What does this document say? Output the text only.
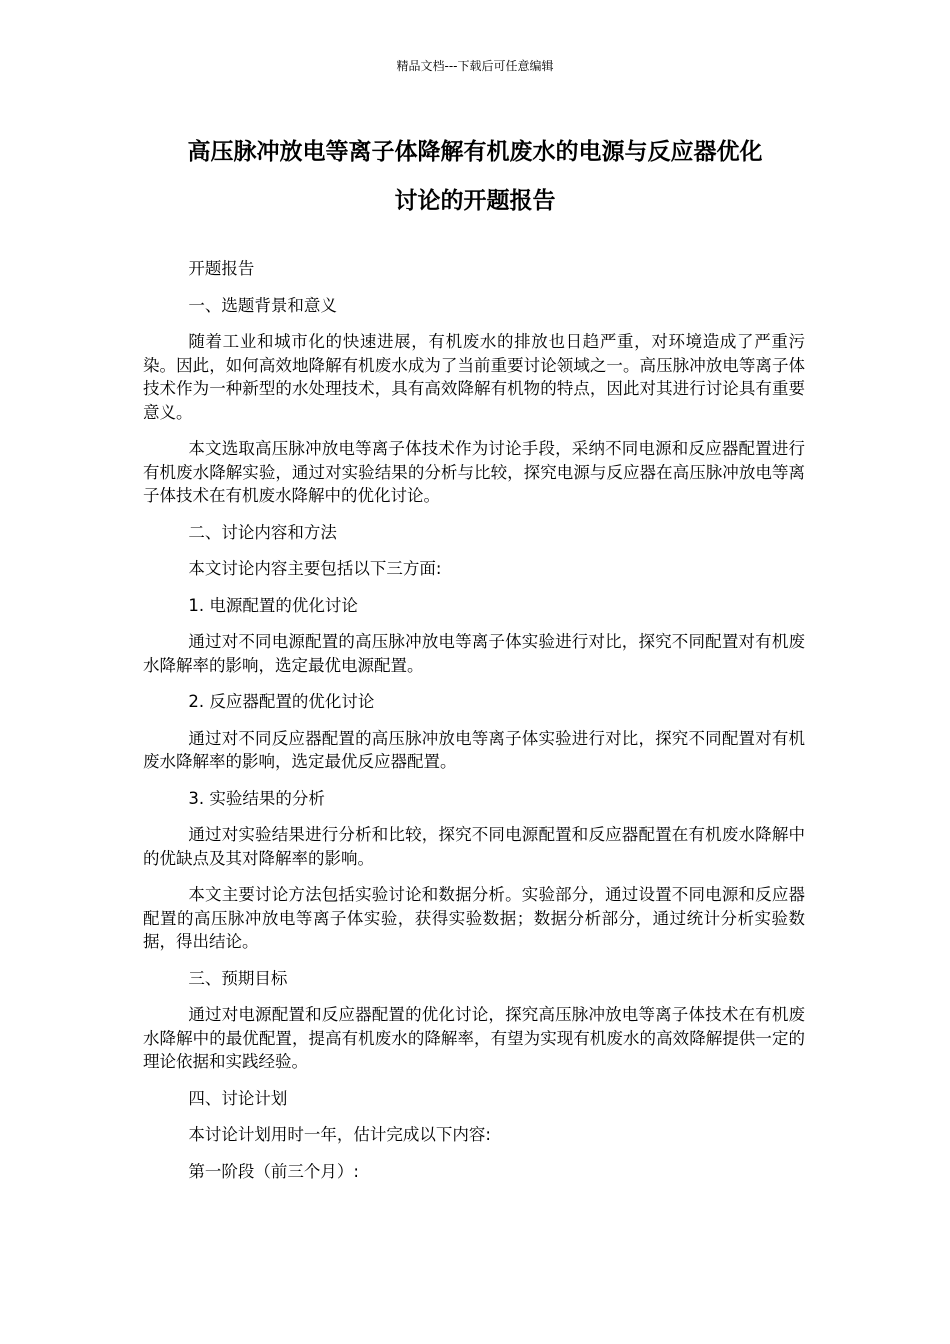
精品文档---下载后可任意编辑
高压脉冲放电等离子体降解有机废水的电源与反应器优化
讨论的开题报告

开题报告

一、选题背景和意义

随着工业和城市化的快速进展，有机废水的排放也日趋严重，对环境造成了严重污染。因此，如何高效地降解有机废水成为了当前重要讨论领域之一。高压脉冲放电等离子体技术作为一种新型的水处理技术，具有高效降解有机物的特点，因此对其进行讨论具有重要意义。

本文选取高压脉冲放电等离子体技术作为讨论手段，采纳不同电源和反应器配置进行有机废水降解实验，通过对实验结果的分析与比较，探究电源与反应器在高压脉冲放电等离子体技术在有机废水降解中的优化讨论。

二、讨论内容和方法

本文讨论内容主要包括以下三方面:

1. 电源配置的优化讨论

通过对不同电源配置的高压脉冲放电等离子体实验进行对比，探究不同配置对有机废水降解率的影响，选定最优电源配置。

2. 反应器配置的优化讨论

通过对不同反应器配置的高压脉冲放电等离子体实验进行对比，探究不同配置对有机废水降解率的影响，选定最优反应器配置。

3. 实验结果的分析

通过对实验结果进行分析和比较，探究不同电源配置和反应器配置在有机废水降解中的优缺点及其对降解率的影响。

本文主要讨论方法包括实验讨论和数据分析。实验部分，通过设置不同电源和反应器配置的高压脉冲放电等离子体实验，获得实验数据；数据分析部分，通过统计分析实验数据，得出结论。

三、预期目标

通过对电源配置和反应器配置的优化讨论，探究高压脉冲放电等离子体技术在有机废水降解中的最优配置，提高有机废水的降解率，有望为实现有机废水的高效降解提供一定的理论依据和实践经验。

四、讨论计划

本讨论计划用时一年，估计完成以下内容:

第一阶段（前三个月）:
